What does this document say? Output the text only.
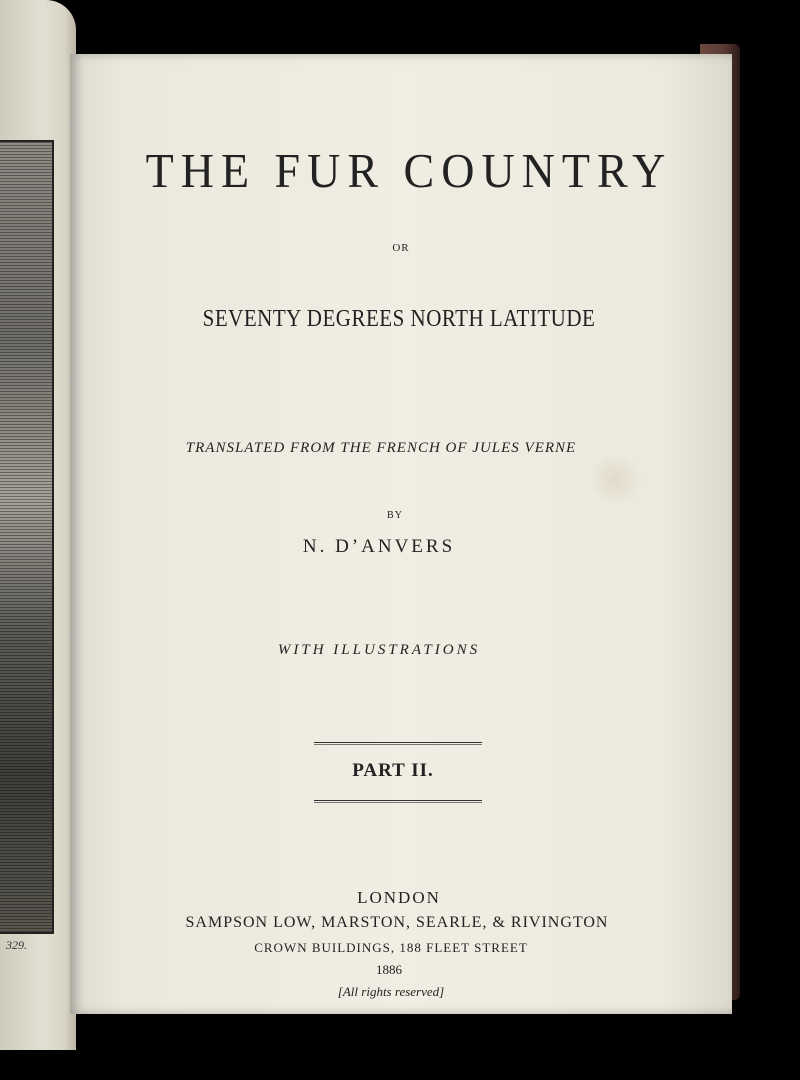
329.
THE FUR COUNTRY
OR
SEVENTY DEGREES NORTH LATITUDE
TRANSLATED FROM THE FRENCH OF JULES VERNE
BY
N. D’ANVERS
WITH ILLUSTRATIONS
PART II.
LONDON
SAMPSON LOW, MARSTON, SEARLE, & RIVINGTON
CROWN BUILDINGS, 188 FLEET STREET
1886
[All rights reserved]
